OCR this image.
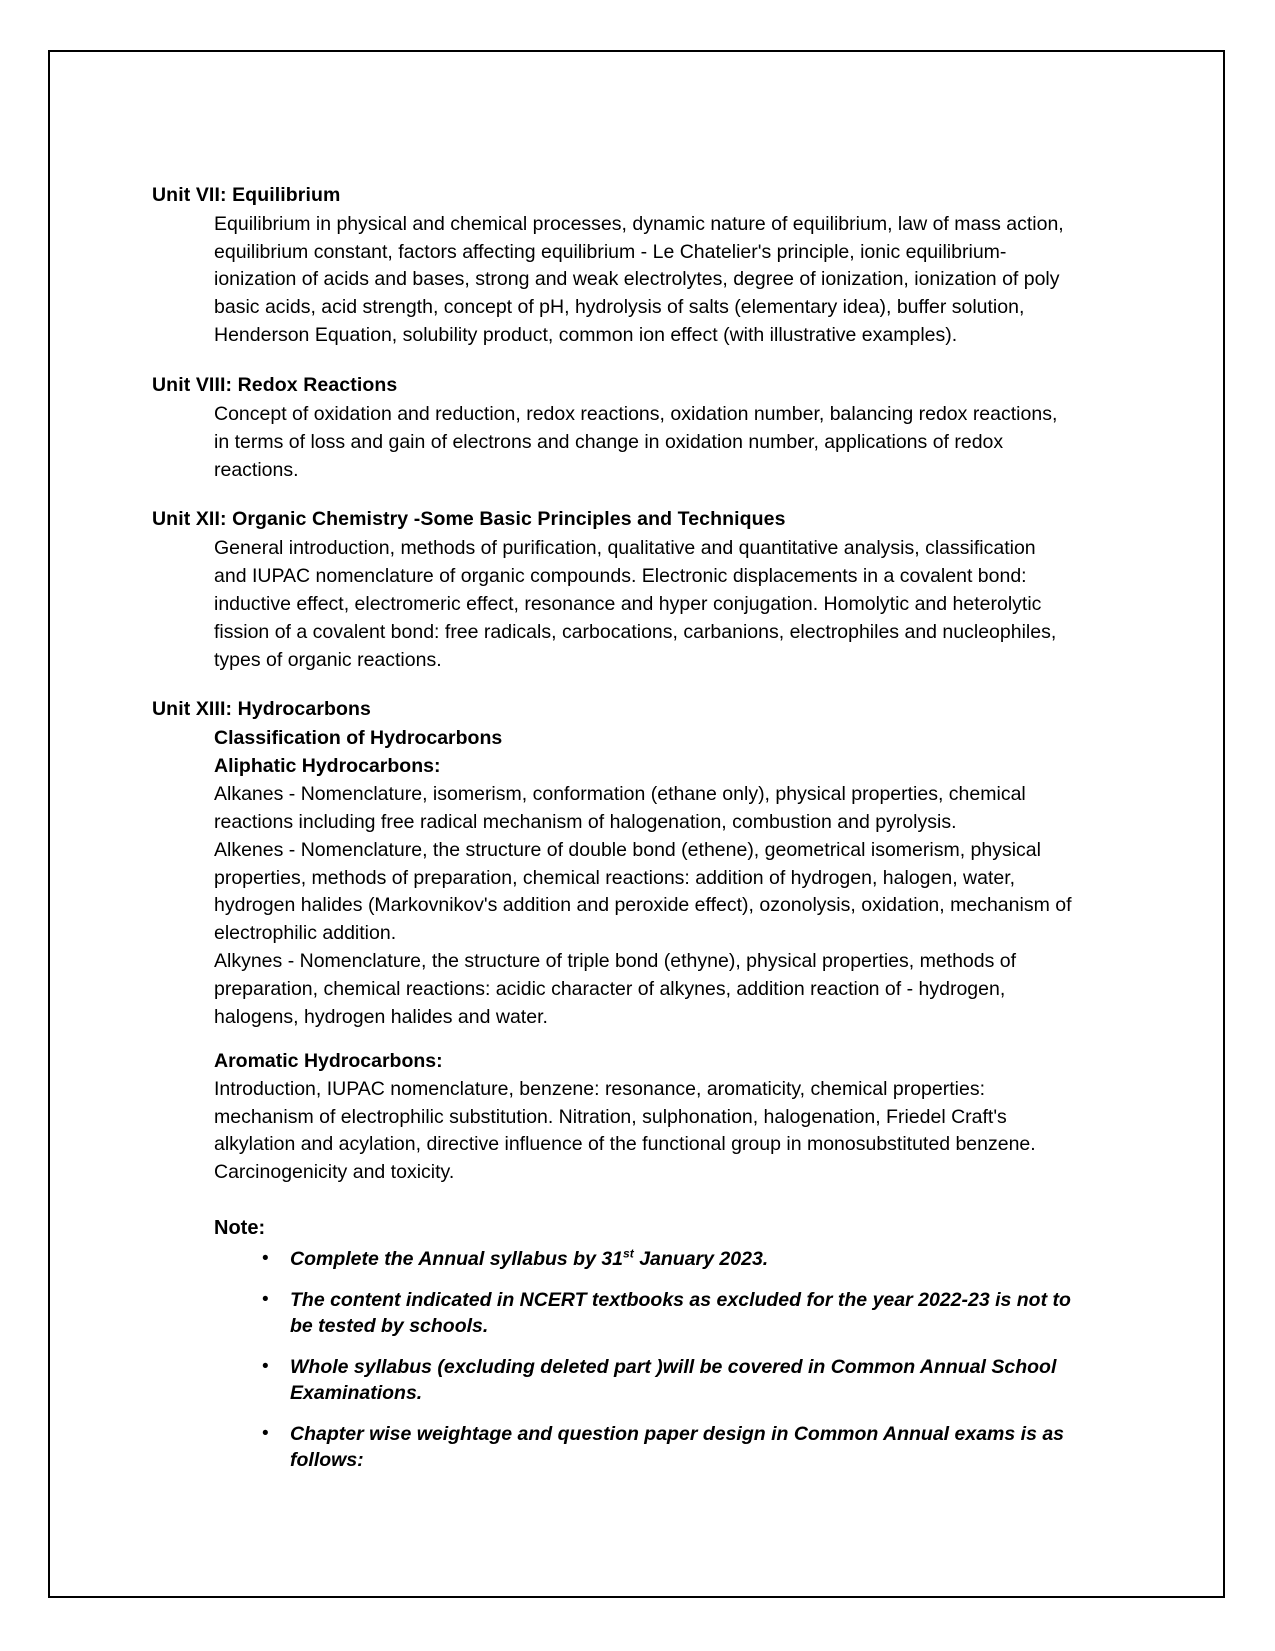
Unit VII: Equilibrium

Equilibrium in physical and chemical processes, dynamic nature of equilibrium, law of mass action, equilibrium constant, factors affecting equilibrium - Le Chatelier's principle, ionic equilibrium- ionization of acids and bases, strong and weak electrolytes, degree of ionization, ionization of poly basic acids, acid strength, concept of pH, hydrolysis of salts (elementary idea), buffer solution, Henderson Equation, solubility product, common ion effect (with illustrative examples).

Unit VIII: Redox Reactions

Concept of oxidation and reduction, redox reactions, oxidation number, balancing redox reactions, in terms of loss and gain of electrons and change in oxidation number, applications of redox reactions.

Unit XII: Organic Chemistry -Some Basic Principles and Techniques

General introduction, methods of purification, qualitative and quantitative analysis, classification and IUPAC nomenclature of organic compounds. Electronic displacements in a covalent bond: inductive effect, electromeric effect, resonance and hyper conjugation. Homolytic and heterolytic fission of a covalent bond: free radicals, carbocations, carbanions, electrophiles and nucleophiles, types of organic reactions.

Unit XIII: Hydrocarbons
Classification of Hydrocarbons
Aliphatic Hydrocarbons:

Alkanes - Nomenclature, isomerism, conformation (ethane only), physical properties, chemical reactions including free radical mechanism of halogenation, combustion and pyrolysis.

Alkenes - Nomenclature, the structure of double bond (ethene), geometrical isomerism, physical properties, methods of preparation, chemical reactions: addition of hydrogen, halogen, water, hydrogen halides (Markovnikov's addition and peroxide effect), ozonolysis, oxidation, mechanism of electrophilic addition.

Alkynes - Nomenclature, the structure of triple bond (ethyne), physical properties, methods of preparation, chemical reactions: acidic character of alkynes, addition reaction of - hydrogen, halogens, hydrogen halides and water.

Aromatic Hydrocarbons:

Introduction, IUPAC nomenclature, benzene: resonance, aromaticity, chemical properties: mechanism of electrophilic substitution. Nitration, sulphonation, halogenation, Friedel Craft's alkylation and acylation, directive influence of the functional group in monosubstituted benzene. Carcinogenicity and toxicity.

Note:
• Complete the Annual syllabus by 31st January 2023.
• The content indicated in NCERT textbooks as excluded for the year 2022-23 is not to be tested by schools.
• Whole syllabus (excluding deleted part )will be covered in Common Annual School Examinations.
• Chapter wise weightage and question paper design in Common Annual exams is as follows:
